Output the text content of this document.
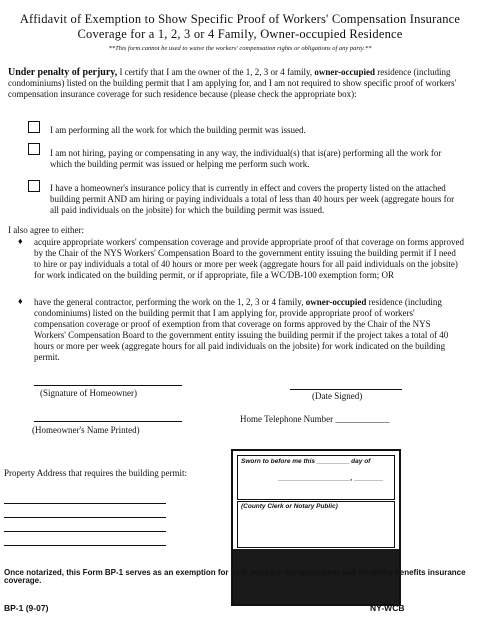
Affidavit of Exemption to Show Specific Proof of Workers' Compensation Insurance
Coverage for a 1, 2, 3 or 4 Family, Owner-occupied Residence
**This form cannot be used to waive the workers' compensation rights or obligations of any party.**
Under penalty of perjury, I certify that I am the owner of the 1, 2, 3 or 4 family, owner-occupied residence (including condominiums) listed on the building permit that I am applying for, and I am not required to show specific proof of workers' compensation insurance coverage for such residence because (please check the appropriate box):
I am performing all the work for which the building permit was issued.
I am not hiring, paying or compensating in any way, the individual(s) that is(are) performing all the work for which the building permit was issued or helping me perform such work.
I have a homeowner's insurance policy that is currently in effect and covers the property listed on the attached building permit AND am hiring or paying individuals a total of less than 40 hours per week (aggregate hours for all paid individuals on the jobsite) for which the building permit was issued.
I also agree to either:
♦ acquire appropriate workers' compensation coverage and provide appropriate proof of that coverage on forms approved by the Chair of the NYS Workers' Compensation Board to the government entity issuing the building permit if I need to hire or pay individuals a total of 40 hours or more per week (aggregate hours for all paid individuals on the jobsite) for work indicated on the building permit, or if appropriate, file a WC/DB-100 exemption form; OR
♦ have the general contractor, performing the work on the 1, 2, 3 or 4 family, owner-occupied residence (including condominiums) listed on the building permit that I am applying for, provide appropriate proof of workers' compensation coverage or proof of exemption from that coverage on forms approved by the Chair of the NYS Workers' Compensation Board to the government entity issuing the building permit if the project takes a total of 40 hours or more per week (aggregate hours for all paid individuals on the jobsite) for work indicated on the building permit.
(Signature of Homeowner)	(Date Signed)
Home Telephone Number ____________
(Homeowner's Name Printed)
Property Address that requires the building permit:
Sworn to before me this _________ day of
____________________, ________
(County Clerk or Notary Public)
Once notarized, this Form BP-1 serves as an exemption for both workers' compensation and disability benefits insurance coverage.
BP-1 (9-07)	NY-WCB
